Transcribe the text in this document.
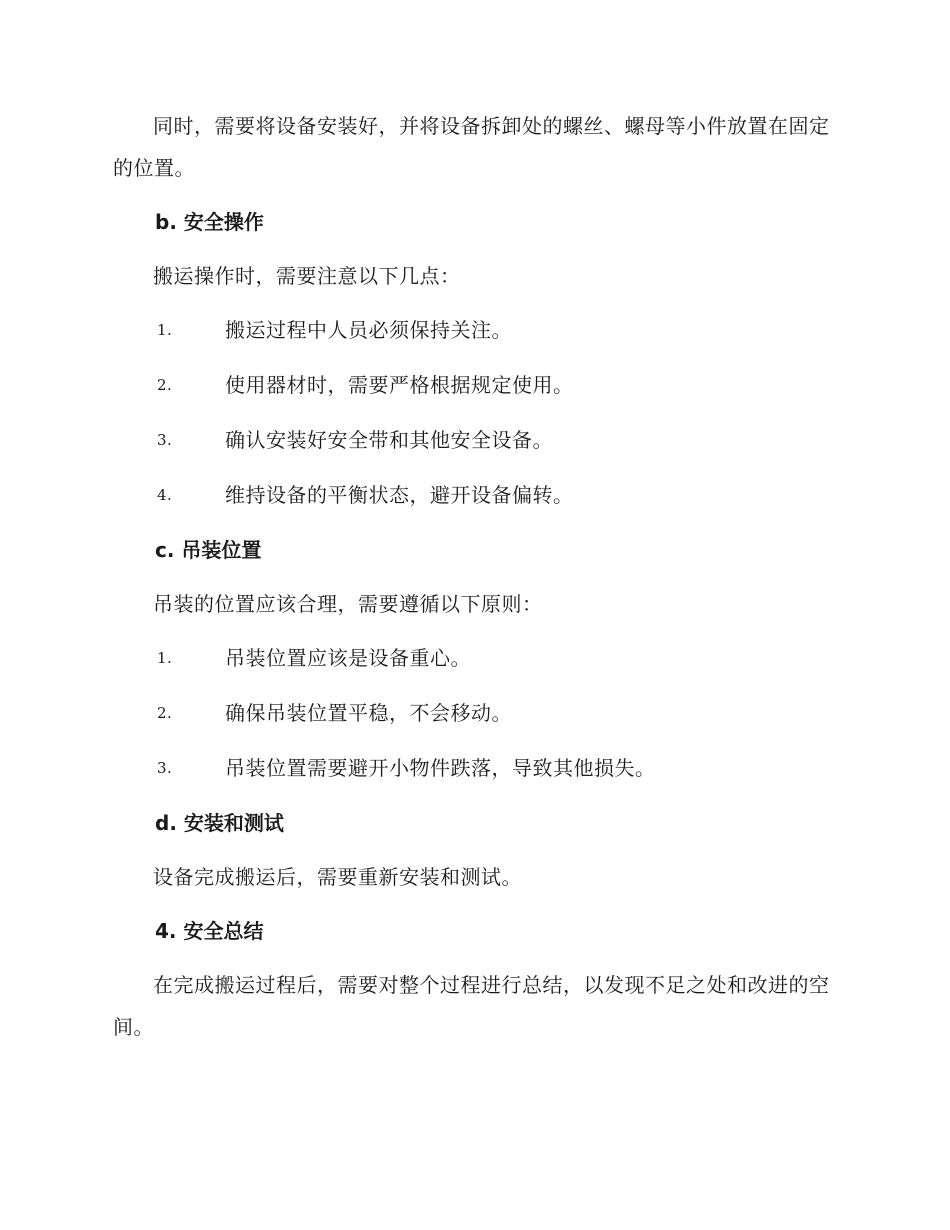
同时，需要将设备安装好，并将设备拆卸处的螺丝、螺母等小件放置在固定的位置。

b. 安全操作

搬运操作时，需要注意以下几点：

1.	搬运过程中人员必须保持关注。
2.	使用器材时，需要严格根据规定使用。
3.	确认安装好安全带和其他安全设备。
4.	维持设备的平衡状态，避开设备偏转。
c. 吊装位置

吊装的位置应该合理，需要遵循以下原则：

1.	吊装位置应该是设备重心。
2.	确保吊装位置平稳，不会移动。
3.	吊装位置需要避开小物件跌落，导致其他损失。
d. 安装和测试

设备完成搬运后，需要重新安装和测试。

4. 安全总结

在完成搬运过程后，需要对整个过程进行总结，以发现不足之处和改进的空间。
